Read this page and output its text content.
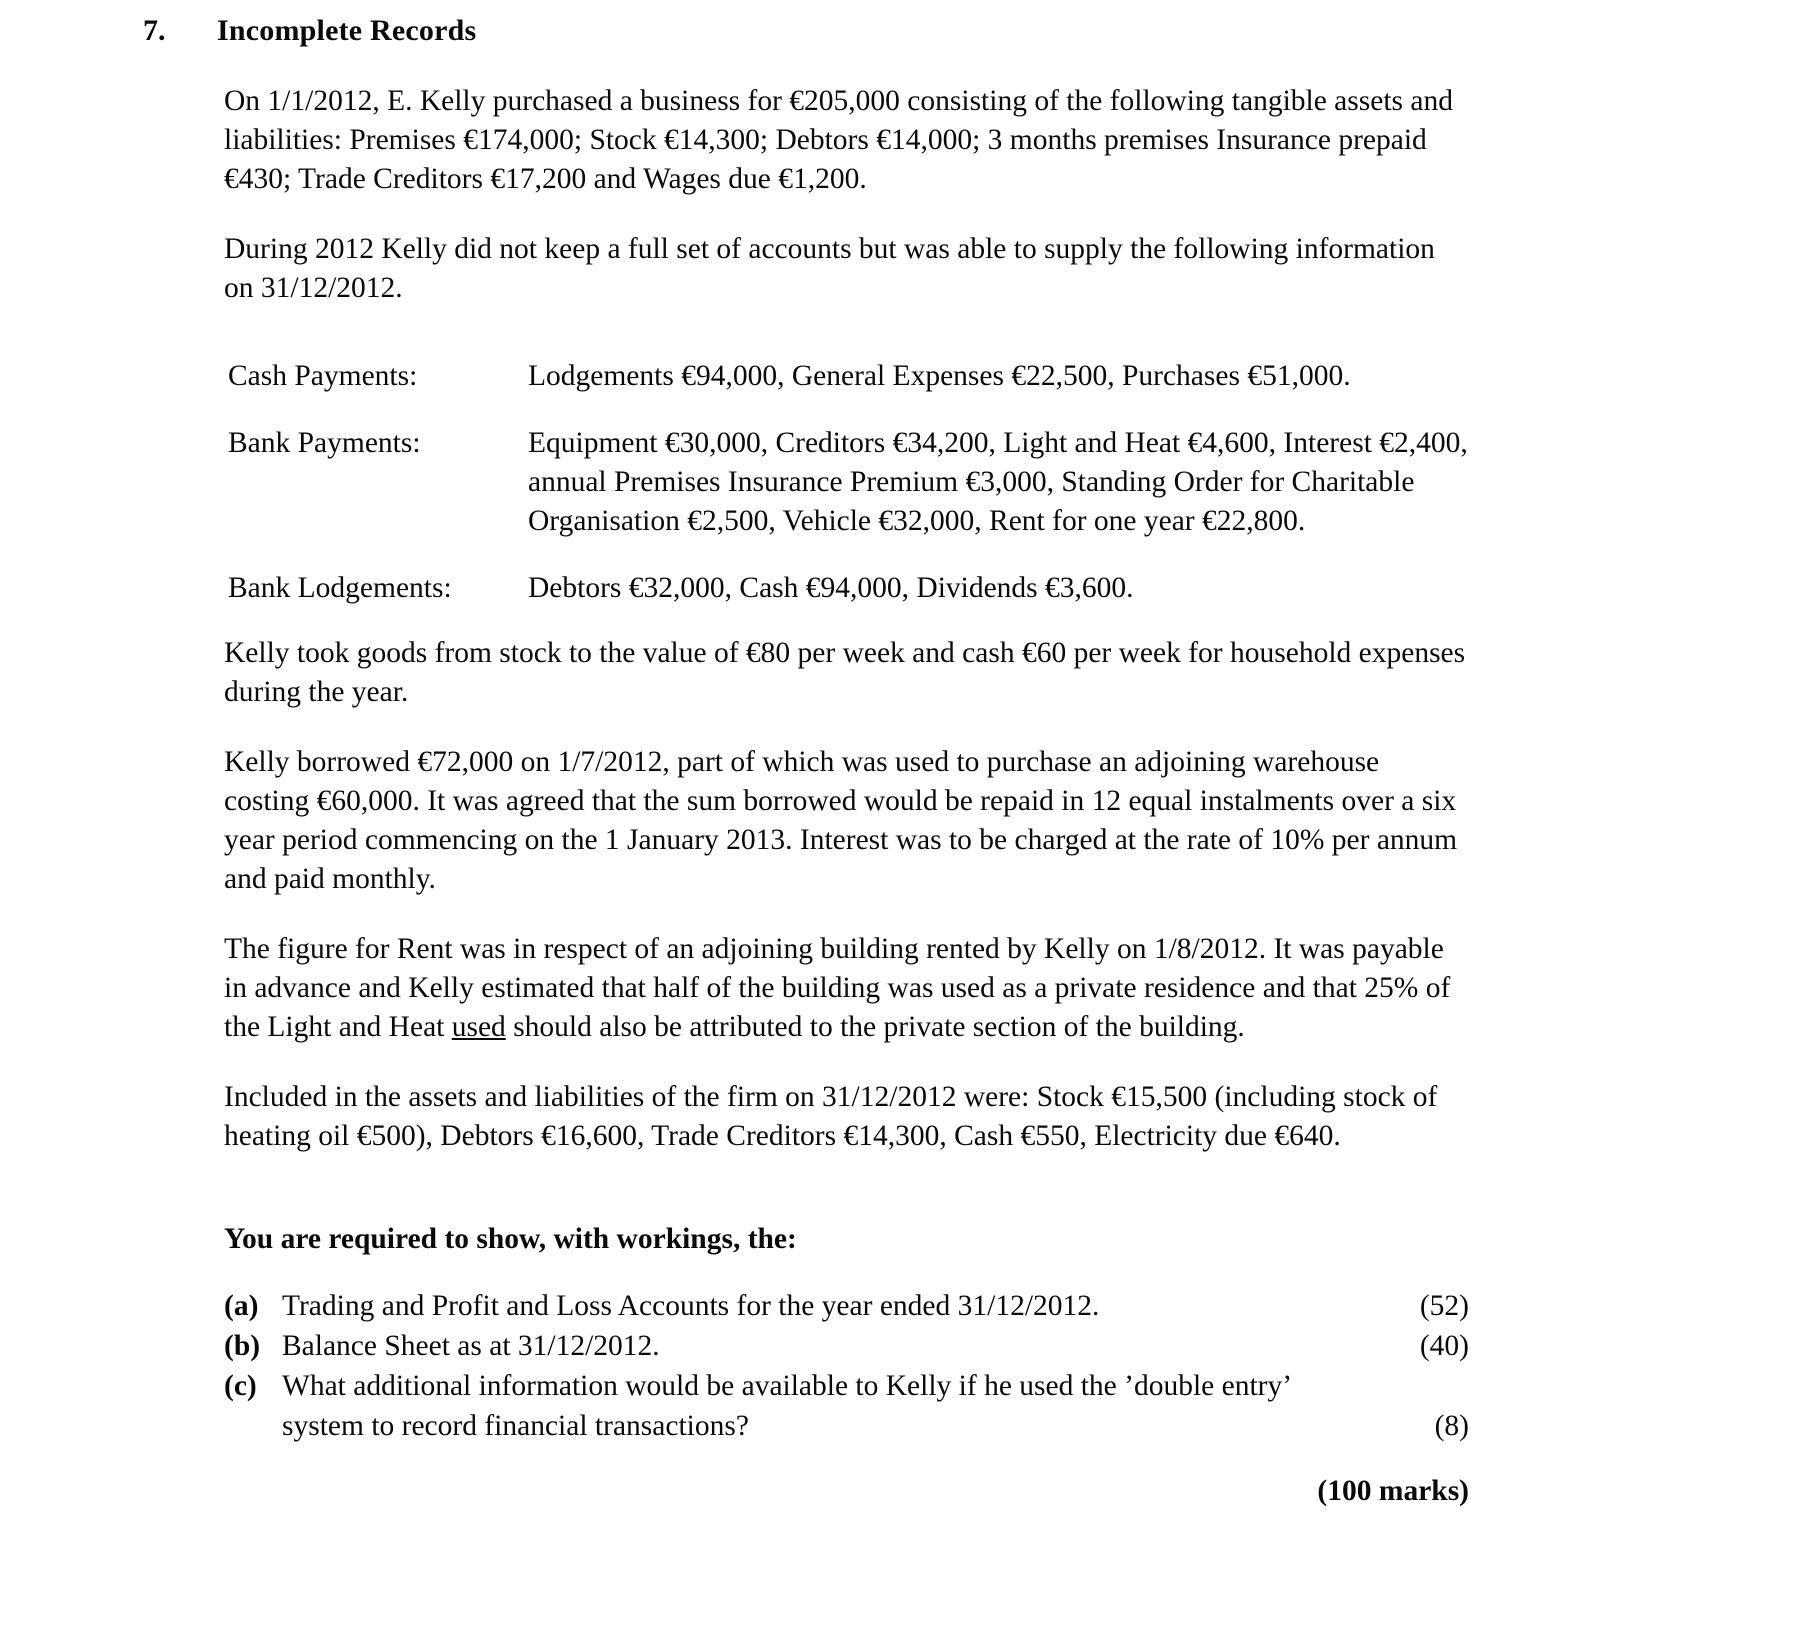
7.	Incomplete Records

On 1/1/2012, E. Kelly purchased a business for €205,000 consisting of the following tangible assets and liabilities: Premises €174,000; Stock €14,300; Debtors €14,000; 3 months premises Insurance prepaid €430; Trade Creditors €17,200 and Wages due €1,200.

During 2012 Kelly did not keep a full set of accounts but was able to supply the following information on 31/12/2012.

Cash Payments:	Lodgements €94,000, General Expenses €22,500, Purchases €51,000.
Bank Payments:	Equipment €30,000, Creditors €34,200, Light and Heat €4,600, Interest €2,400, annual Premises Insurance Premium €3,000, Standing Order for Charitable Organisation €2,500, Vehicle €32,000, Rent for one year €22,800.
Bank Lodgements:	Debtors €32,000, Cash €94,000, Dividends €3,600.

Kelly took goods from stock to the value of €80 per week and cash €60 per week for household expenses during the year.

Kelly borrowed €72,000 on 1/7/2012, part of which was used to purchase an adjoining warehouse costing €60,000. It was agreed that the sum borrowed would be repaid in 12 equal instalments over a six year period commencing on the 1 January 2013. Interest was to be charged at the rate of 10% per annum and paid monthly.

The figure for Rent was in respect of an adjoining building rented by Kelly on 1/8/2012. It was payable in advance and Kelly estimated that half of the building was used as a private residence and that 25% of the Light and Heat used should also be attributed to the private section of the building.

Included in the assets and liabilities of the firm on 31/12/2012 were: Stock €15,500 (including stock of heating oil €500), Debtors €16,600, Trade Creditors €14,300, Cash €550, Electricity due €640.

You are required to show, with workings, the:

(a) Trading and Profit and Loss Accounts for the year ended 31/12/2012.	(52)
(b) Balance Sheet as at 31/12/2012.	(40)
(c) What additional information would be available to Kelly if he used the ’double entry’
system to record financial transactions?	(8)
(100 marks)
